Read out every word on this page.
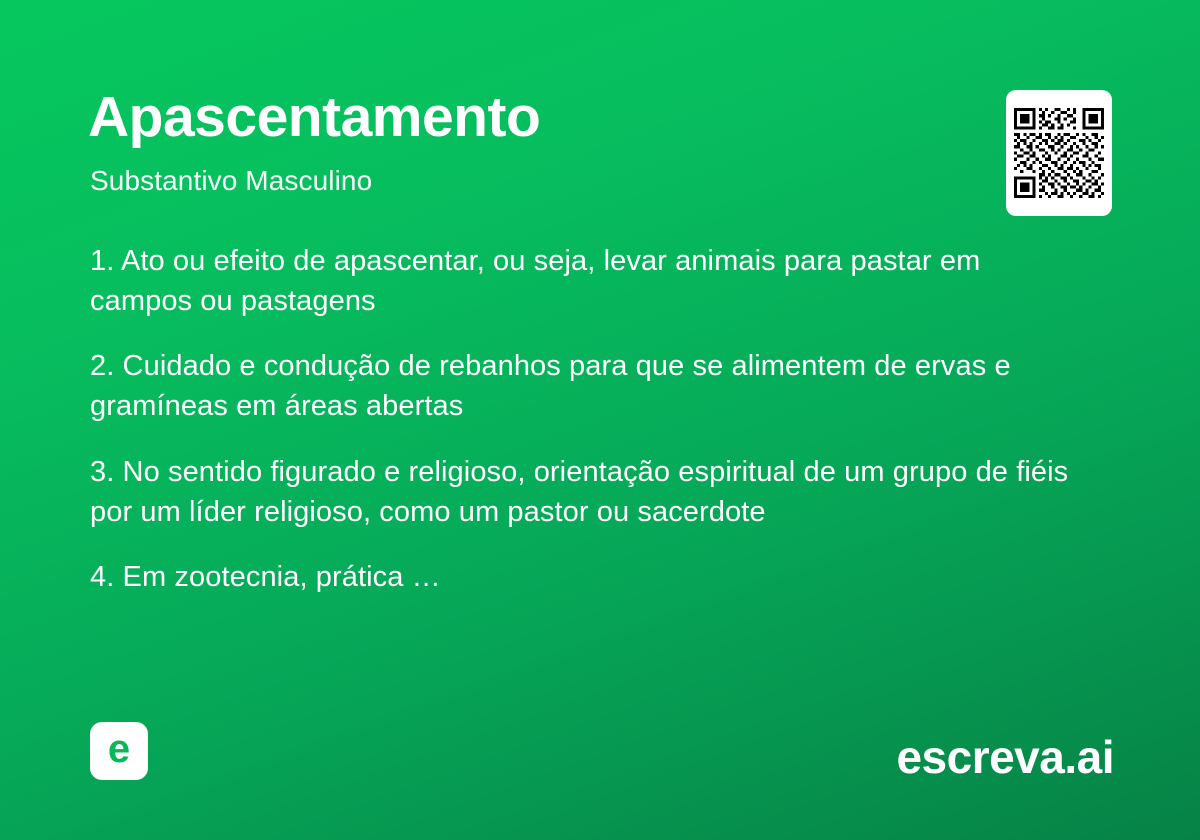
Apascentamento
Substantivo Masculino
1. Ato ou efeito de apascentar, ou seja, levar animais para pastar em campos ou pastagens
2. Cuidado e condução de rebanhos para que se alimentem de ervas e gramíneas em áreas abertas
3. No sentido figurado e religioso, orientação espiritual de um grupo de fiéis por um líder religioso, como um pastor ou sacerdote
4. Em zootecnia, prática …
e	escreva.ai
